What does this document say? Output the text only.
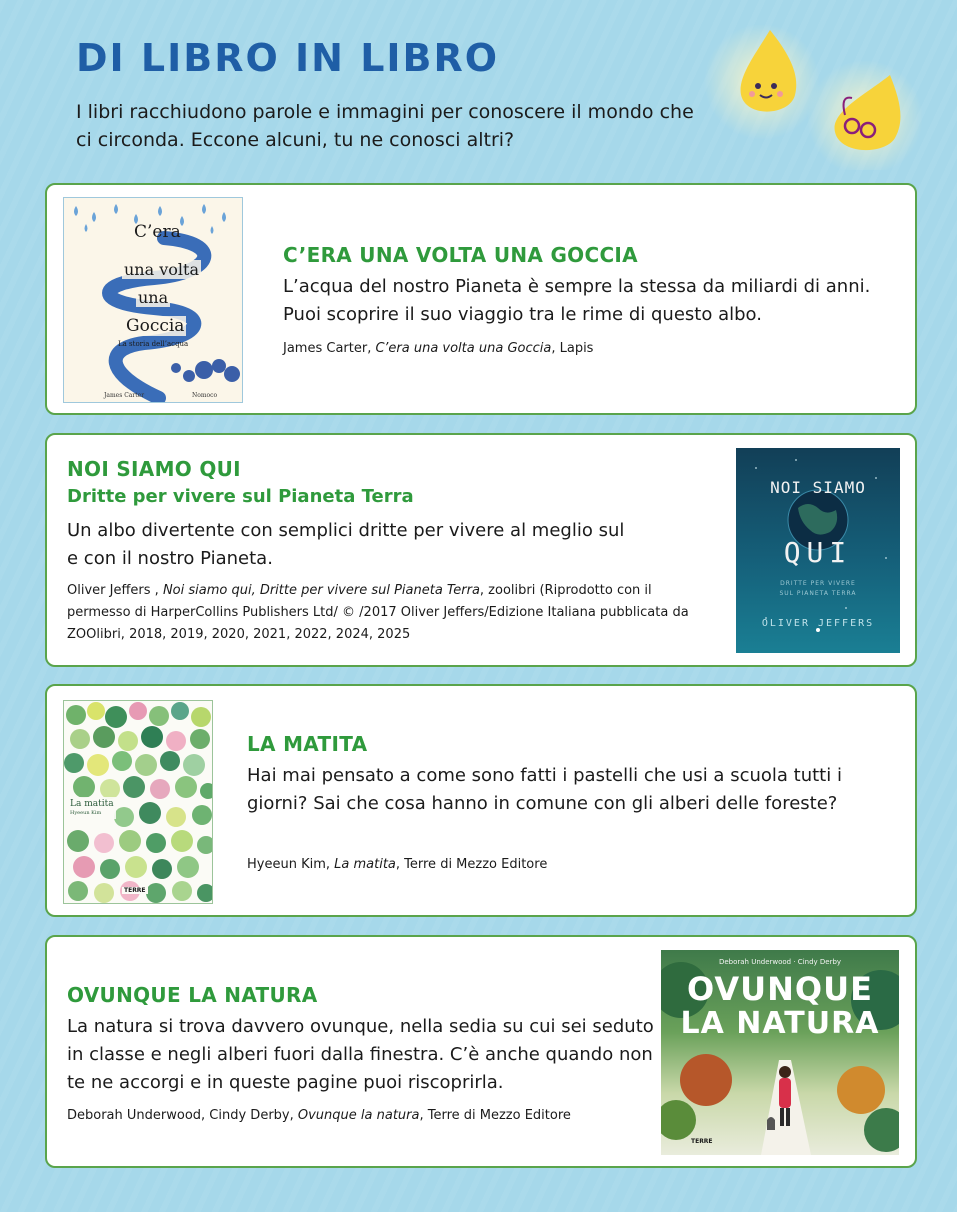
DI LIBRO IN LIBRO
I libri racchiudono parole e immagini per conoscere il mondo che ci circonda. Eccone alcuni, tu ne conosci altri?
C’era
una volta
una
Goccia
La storia dell’acqua
James Carter	Nomoco
C’ERA UNA VOLTA UNA GOCCIA
L’acqua del nostro Pianeta è sempre la stessa da miliardi di anni. Puoi scoprire il suo viaggio tra le rime di questo albo.
James Carter, C’era una volta una Goccia, Lapis
NOI SIAMO QUI
Dritte per vivere sul Pianeta Terra
Un albo divertente con semplici dritte per vivere al meglio sul e con il nostro Pianeta.
Oliver Jeffers , Noi siamo qui, Dritte per vivere sul Pianeta Terra, zoolibri (Riprodotto con il permesso di HarperCollins Publishers Ltd/ © /2017 Oliver Jeffers/Edizione Italiana pubblicata da ZOOlibri, 2018, 2019, 2020, 2021, 2022, 2024, 2025
NOI SIAMO
QUI
DRITTE PER VIVERE
SUL PIANETA TERRA
OLIVER JEFFERS
La matita
Hyeeun Kim
TERRE
LA MATITA
Hai mai pensato a come sono fatti i pastelli che usi a scuola tutti i giorni? Sai che cosa hanno in comune con gli alberi delle foreste?
Hyeeun Kim, La matita, Terre di Mezzo Editore
OVUNQUE LA NATURA
La natura si trova davvero ovunque, nella sedia su cui sei seduto in classe e negli alberi fuori dalla finestra. C’è anche quando non te ne accorgi e in queste pagine puoi riscoprirla.
Deborah Underwood, Cindy Derby, Ovunque la natura, Terre di Mezzo Editore
Deborah Underwood · Cindy Derby
OVUNQUE
LA NATURA
TERRE
